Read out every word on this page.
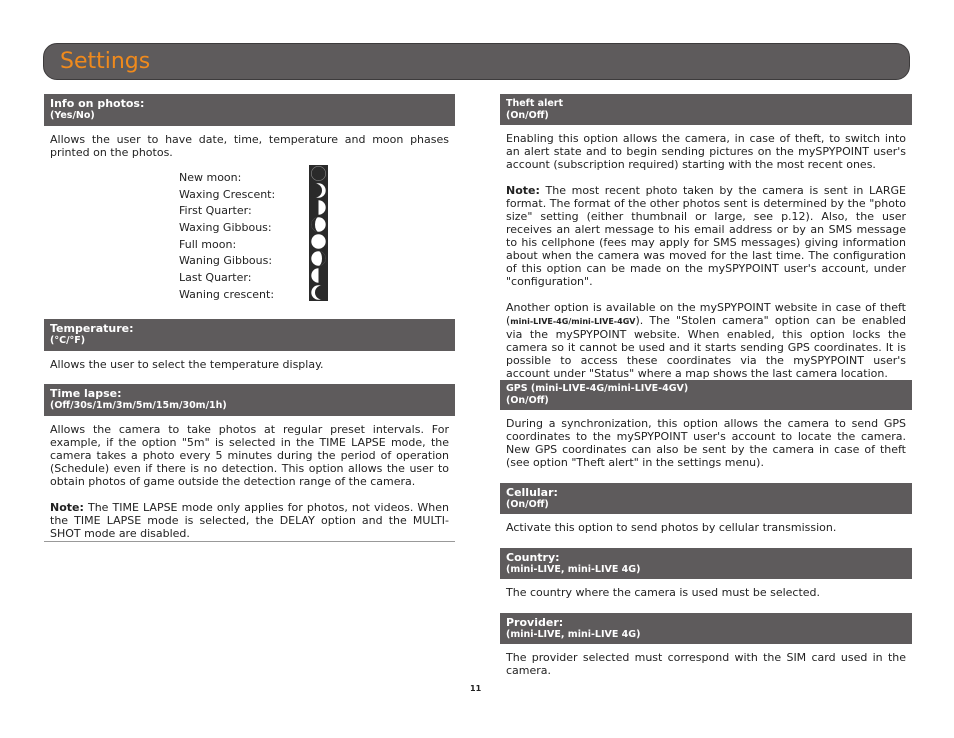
Settings
Info on photos:
(Yes/No)

Allows the user to have date, time, temperature and moon phases printed on the photos.

New moon:
Waxing Crescent:
First Quarter:
Waxing Gibbous:
Full moon:
Waning Gibbous:
Last Quarter:
Waning crescent:
Temperature:
(°C/°F)

Allows the user to select the temperature display.

Time lapse:
(Off/30s/1m/3m/5m/15m/30m/1h)

Allows the camera to take photos at regular preset intervals. For example, if the option "5m" is selected in the TIME LAPSE mode, the camera takes a photo every 5 minutes during the period of operation (Schedule) even if there is no detection. This option allows the user to obtain photos of game outside the detection range of the camera.

Note: The TIME LAPSE mode only applies for photos, not videos. When the TIME LAPSE mode is selected, the DELAY option and the MULTI-SHOT mode are disabled.

Theft alert
(On/Off)

Enabling this option allows the camera, in case of theft, to switch into an alert state and to begin sending pictures on the mySPYPOINT user's account (subscription required) starting with the most recent ones.

Note: The most recent photo taken by the camera is sent in LARGE format. The format of the other photos sent is determined by the "photo size" setting (either thumbnail or large, see p.12). Also, the user receives an alert message to his email address or by an SMS message to his cellphone (fees may apply for SMS messages) giving information about when the camera was moved for the last time. The configuration of this option can be made on the mySPYPOINT user's account, under "configuration".

Another option is available on the mySPYPOINT website in case of theft (mini-LIVE-4G/mini-LIVE-4GV). The "Stolen camera" option can be enabled via the mySPYPOINT website. When enabled, this option locks the camera so it cannot be used and it starts sending GPS coordinates. It is possible to access these coordinates via the mySPYPOINT user's account under "Status" where a map shows the last camera location.

GPS (mini-LIVE-4G/mini-LIVE-4GV)
(On/Off)

During a synchronization, this option allows the camera to send GPS coordinates to the mySPYPOINT user's account to locate the camera. New GPS coordinates can also be sent by the camera in case of theft (see option "Theft alert" in the settings menu).

Cellular:
(On/Off)

Activate this option to send photos by cellular transmission.

Country:
(mini-LIVE, mini-LIVE 4G)

The country where the camera is used must be selected.

Provider:
(mini-LIVE, mini-LIVE 4G)

The provider selected must correspond with the SIM card used in the camera.

11
